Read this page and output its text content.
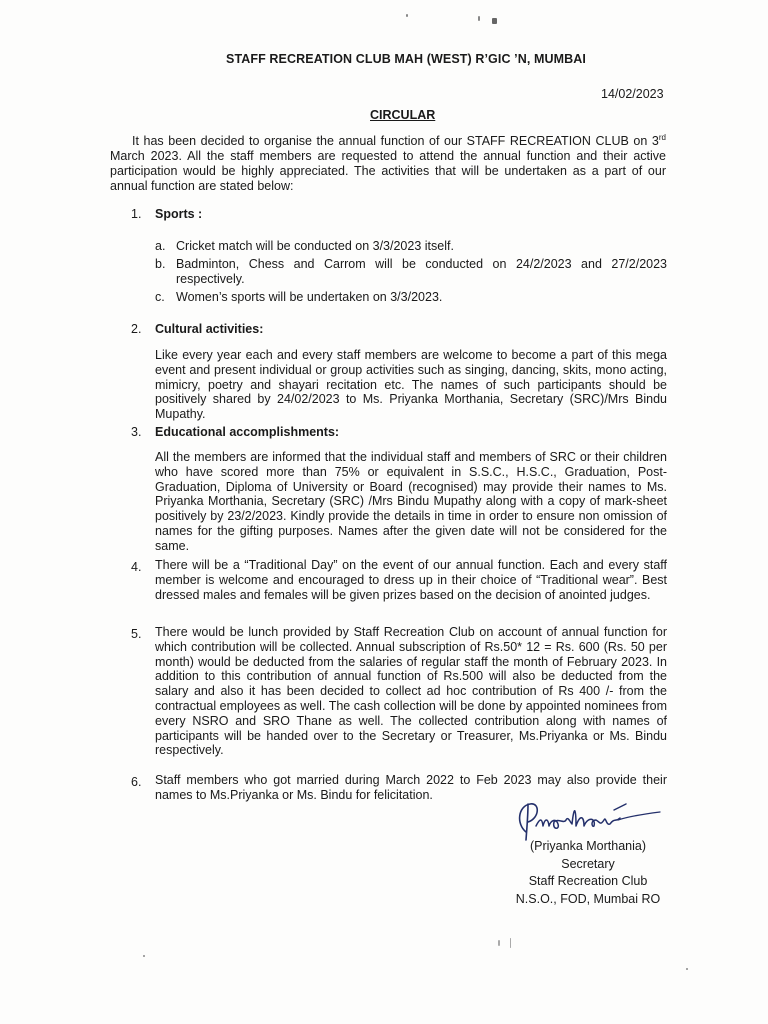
STAFF RECREATION CLUB MAH (WEST) R’GIC ’N, MUMBAI
14/02/2023
CIRCULAR
It has been decided to organise the annual function of our STAFF RECREATION CLUB on 3rd March 2023. All the staff members are requested to attend the annual function and their active participation would be highly appreciated. The activities that will be undertaken as a part of our annual function are stated below:
1. Sports :
a. Cricket match will be conducted on 3/3/2023 itself.
b. Badminton, Chess and Carrom will be conducted on 24/2/2023 and 27/2/2023 respectively.
c. Women’s sports will be undertaken on 3/3/2023.
2. Cultural activities:
Like every year each and every staff members are welcome to become a part of this mega event and present individual or group activities such as singing, dancing, skits, mono acting, mimicry, poetry and shayari recitation etc. The names of such participants should be positively shared by 24/02/2023 to Ms. Priyanka Morthania, Secretary (SRC)/Mrs Bindu Mupathy.
3. Educational accomplishments:
All the members are informed that the individual staff and members of SRC or their children who have scored more than 75% or equivalent in S.S.C., H.S.C., Graduation, Post-Graduation, Diploma of University or Board (recognised) may provide their names to Ms. Priyanka Morthania, Secretary (SRC) /Mrs Bindu Mupathy along with a copy of mark-sheet positively by 23/2/2023. Kindly provide the details in time in order to ensure non omission of names for the gifting purposes. Names after the given date will not be considered for the same.
4. There will be a “Traditional Day” on the event of our annual function. Each and every staff member is welcome and encouraged to dress up in their choice of “Traditional wear”. Best dressed males and females will be given prizes based on the decision of anointed judges.
5. There would be lunch provided by Staff Recreation Club on account of annual function for which contribution will be collected. Annual subscription of Rs.50* 12 = Rs. 600 (Rs. 50 per month) would be deducted from the salaries of regular staff the month of February 2023. In addition to this contribution of annual function of Rs.500 will also be deducted from the salary and also it has been decided to collect ad hoc contribution of Rs 400 /- from the contractual employees as well. The cash collection will be done by appointed nominees from every NSRO and SRO Thane as well. The collected contribution along with names of participants will be handed over to the Secretary or Treasurer, Ms.Priyanka or Ms. Bindu respectively.
6. Staff members who got married during March 2022 to Feb 2023 may also provide their names to Ms.Priyanka or Ms. Bindu for felicitation.
(Priyanka Morthania)
Secretary
Staff Recreation Club
N.S.O., FOD, Mumbai RO
